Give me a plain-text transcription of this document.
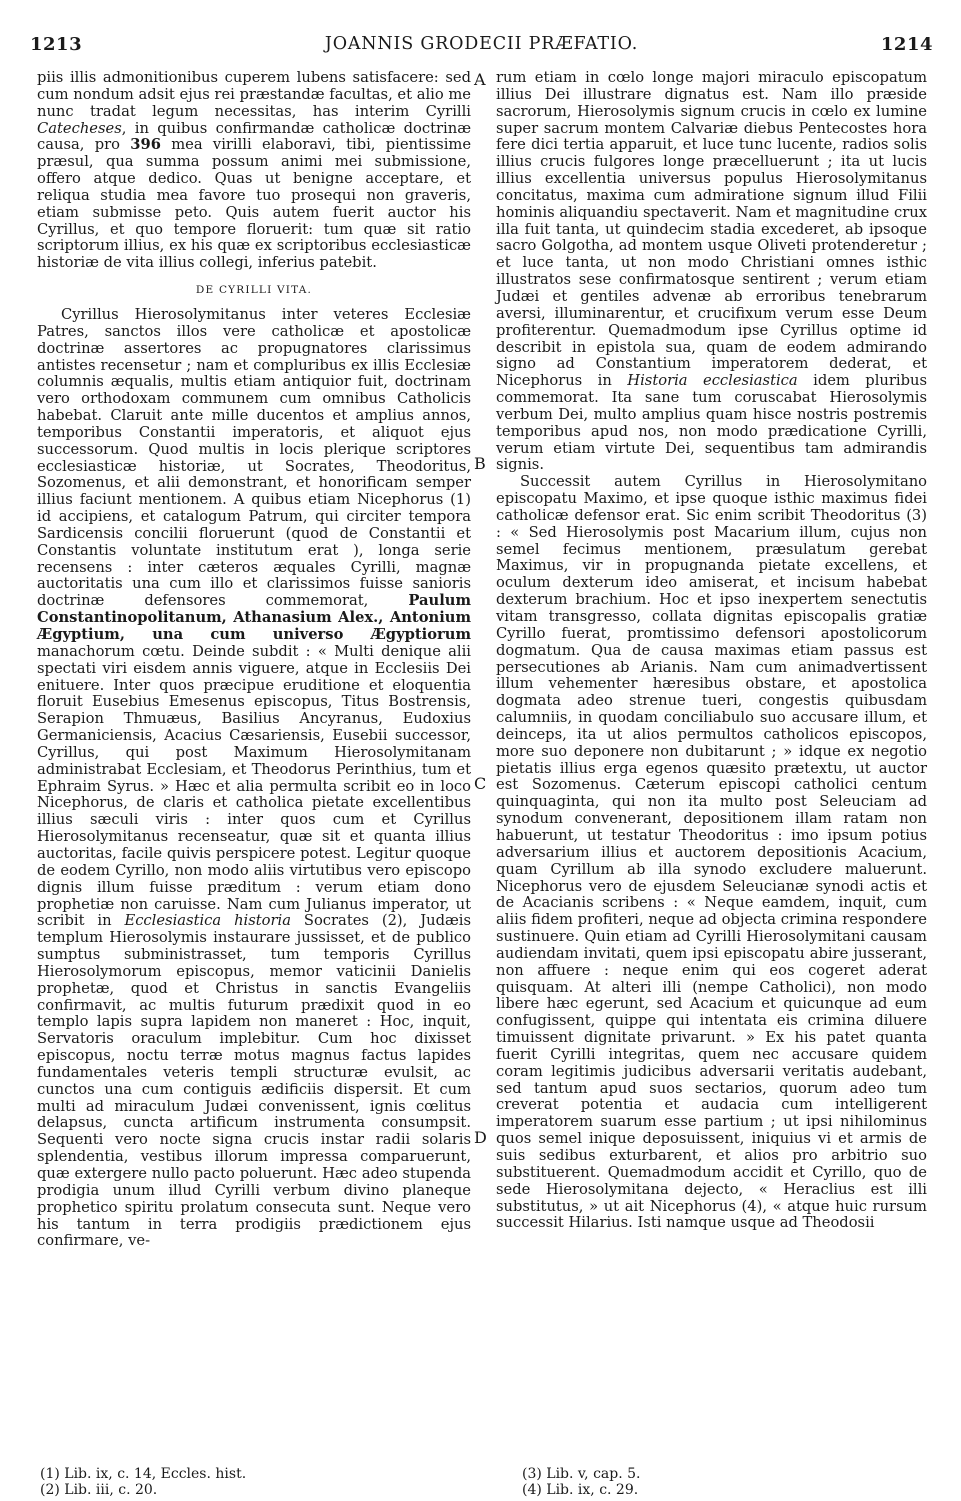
1213	JOANNIS GRODECII PRÆFATIO.	1214

piis illis admonitionibus cuperem lubens satisfacere: sed cum nondum adsit ejus rei præstandæ facultas, et alio me nunc tradat legum necessitas, has interim Cyrilli Catecheses, in quibus confirmandæ catholicæ doctrinæ causa, pro 396 mea virilli elaboravi, tibi, pientissime præsul, qua summa possum animi mei submissione, offero atque dedico. Quas ut benigne acceptare, et reliqua studia mea favore tuo prosequi non graveris, etiam submisse peto. Quis autem fuerit auctor his Cyrillus, et quo tempore floruerit: tum quæ sit ratio scriptorum illius, ex his quæ ex scriptoribus ecclesiasticæ historiæ de vita illius collegi, inferius patebit.

DE CYRILLI VITA.

Cyrillus Hierosolymitanus inter veteres Ecclesiæ Patres, sanctos illos vere catholicæ et apostolicæ doctrinæ assertores ac propugnatores clarissimus antistes recensetur ; nam et compluribus ex illis Ecclesiæ columnis æqualis, multis etiam antiquior fuit, doctrinam vero orthodoxam communem cum omnibus Catholicis habebat. Claruit ante mille ducentos et amplius annos, temporibus Constantii imperatoris, et aliquot ejus successorum. Quod multis in locis plerique scriptores ecclesiasticæ historiæ, ut Socrates, Theodoritus, Sozomenus, et alii demonstrant, et honorificam semper illius faciunt mentionem. A quibus etiam Nicephorus (1) id accipiens, et catalogum Patrum, qui circiter tempora Sardicensis concilii floruerunt (quod de Constantii et Constantis voluntate institutum erat ), longa serie recensens : inter cæteros æquales Cyrilli, magnæ auctoritatis una cum illo et clarissimos fuisse sanioris doctrinæ defensores commemorat,	Paulum Constantinopolitanum, Athanasium Alex., Antonium Ægyptium, una cum universo Ægyptiorum manachorum cœtu. Deinde subdit : « Multi denique alii spectati viri eisdem annis viguere, atque in Ecclesiis Dei enituere. Inter quos præcipue eruditione et eloquentia floruit Eusebius Emesenus episcopus, Titus Bostrensis, Serapion Thmuæus, Basilius Ancyranus, Eudoxius Germaniciensis, Acacius Cæsariensis, Eusebii successor, Cyrillus, qui post Maximum Hierosolymitanam administrabat Ecclesiam, et Theodorus Perinthius, tum et Ephraim Syrus. » Hæc et alia permulta scribit eo in loco Nicephorus, de claris et catholica pietate excellentibus illius sæculi viris : inter quos cum et Cyrillus Hierosolymitanus recenseatur, quæ sit et quanta illius auctoritas, facile quivis perspicere potest. Legitur quoque de eodem Cyrillo, non modo aliis virtutibus vero episcopo dignis illum fuisse præditum : verum etiam dono prophetiæ non caruisse. Nam cum Julianus imperator, ut scribit in Ecclesiastica historia Socrates (2), Judæis templum Hierosolymis instaurare jussisset, et de publico sumptus subministrasset, tum temporis Cyrillus Hierosolymorum episcopus, memor vaticinii Danielis prophetæ, quod et Christus in sanctis Evangeliis confirmavit, ac multis futurum prædixit quod in eo templo lapis supra lapidem non maneret : Hoc, inquit, Servatoris oraculum implebitur. Cum hoc dixisset episcopus, noctu terræ motus magnus factus lapides fundamentales veteris templi structuræ evulsit, ac cunctos una cum contiguis ædificiis dispersit. Et cum multi ad miraculum Judæi convenissent, ignis cœlitus delapsus, cuncta artificum instrumenta consumpsit. Sequenti vero nocte signa crucis instar radii solaris splendentia, vestibus illorum impressa comparuerunt, quæ extergere nullo pacto poluerunt. Hæc adeo stupenda prodigia unum illud Cyrilli verbum divino planeque prophetico spiritu prolatum consecuta sunt. Neque vero his tantum in terra prodigiis prædictionem ejus confirmare, ve-

A
B
C
D

rum etiam in cœlo longe majori miraculo episcopatum illius Dei illustrare dignatus est. Nam illo præside sacrorum, Hierosolymis signum crucis in cœlo ex lumine super sacrum montem Calvariæ diebus Pentecostes hora fere dici tertia apparuit, et luce tunc lucente, radios solis illius crucis fulgores longe præcelluerunt ; ita ut lucis illius excellentia universus populus Hierosolymitanus concitatus, maxima cum admiratione signum illud Filii hominis aliquandiu spectaverit. Nam et magnitudine crux illa fuit tanta, ut quindecim stadia excederet, ab ipsoque sacro Golgotha, ad montem usque Oliveti protenderetur ; et luce tanta, ut non modo Christiani omnes isthic illustratos sese confirmatosque sentirent ; verum etiam Judæi et gentiles advenæ ab erroribus tenebrarum aversi, illuminarentur, et crucifixum verum esse Deum profiterentur. Quemadmodum ipse Cyrillus optime id describit in epistola sua, quam de eodem admirando signo ad Constantium imperatorem dederat, et Nicephorus in Historia ecclesiastica idem pluribus commemorat. Ita sane tum coruscabat Hierosolymis verbum Dei, multo amplius quam hisce nostris postremis temporibus apud nos, non modo prædicatione Cyrilli, verum etiam virtute Dei, sequentibus tam admirandis signis.

Successit autem Cyrillus in Hierosolymitano episcopatu Maximo, et ipse quoque isthic maximus fidei catholicæ defensor erat. Sic enim scribit Theodoritus (3) : « Sed Hierosolymis post Macarium illum, cujus non semel fecimus mentionem, præsulatum gerebat Maximus, vir in propugnanda pietate excellens, et oculum dexterum ideo amiserat, et incisum habebat dexterum brachium. Hoc et ipso inexpertem senectutis vitam transgresso, collata dignitas episcopalis gratiæ Cyrillo fuerat, promtissimo defensori apostolicorum dogmatum. Qua de causa maximas etiam passus est persecutiones ab Arianis. Nam cum animadvertissent illum vehementer hæresibus obstare, et apostolica dogmata adeo strenue tueri, congestis quibusdam calumniis, in quodam conciliabulo suo accusare illum, et deinceps, ita ut alios permultos catholicos episcopos, more suo deponere non dubitarunt ; » idque ex negotio pietatis illius erga egenos quæsito prætextu, ut auctor est Sozomenus. Cæterum episcopi catholici centum quinquaginta, qui non ita multo post Seleuciam ad synodum convenerant, depositionem illam ratam non habuerunt, ut testatur Theodoritus : imo ipsum potius adversarium illius et auctorem depositionis Acacium, quam Cyrillum ab illa synodo excludere maluerunt. Nicephorus vero de ejusdem Seleucianæ synodi actis et de Acacianis scribens : « Neque eamdem, inquit, cum aliis fidem profiteri, neque ad objecta crimina respondere sustinuere. Quin etiam ad Cyrilli Hierosolymitani causam audiendam invitati, quem ipsi episcopatu abire jusserant, non affuere : neque enim qui eos cogeret aderat quisquam. At alteri illi (nempe Catholici), non modo libere hæc egerunt, sed Acacium et quicunque ad eum confugissent, quippe qui intentata eis crimina diluere timuissent dignitate privarunt. » Ex his patet quanta fuerit Cyrilli integritas, quem nec accusare quidem coram legitimis judicibus adversarii veritatis audebant, sed tantum apud suos sectarios, quorum adeo tum creverat potentia et audacia cum intelligerent imperatorem suarum esse partium ; ut ipsi nihilominus quos semel inique deposuissent, iniquius vi et armis de suis sedibus exturbarent, et alios pro arbitrio suo substituerent. Quemadmodum accidit et Cyrillo, quo de sede Hierosolymitana dejecto, « Heraclius est illi substitutus, » ut ait Nicephorus (4), « atque huic rursum successit Hilarius. Isti namque usque ad Theodosii

(1) Lib. ix, c. 14, Eccles. hist.
(2) Lib. iii, c. 20.
(3) Lib. v, cap. 5.
(4) Lib. ix, c. 29.
